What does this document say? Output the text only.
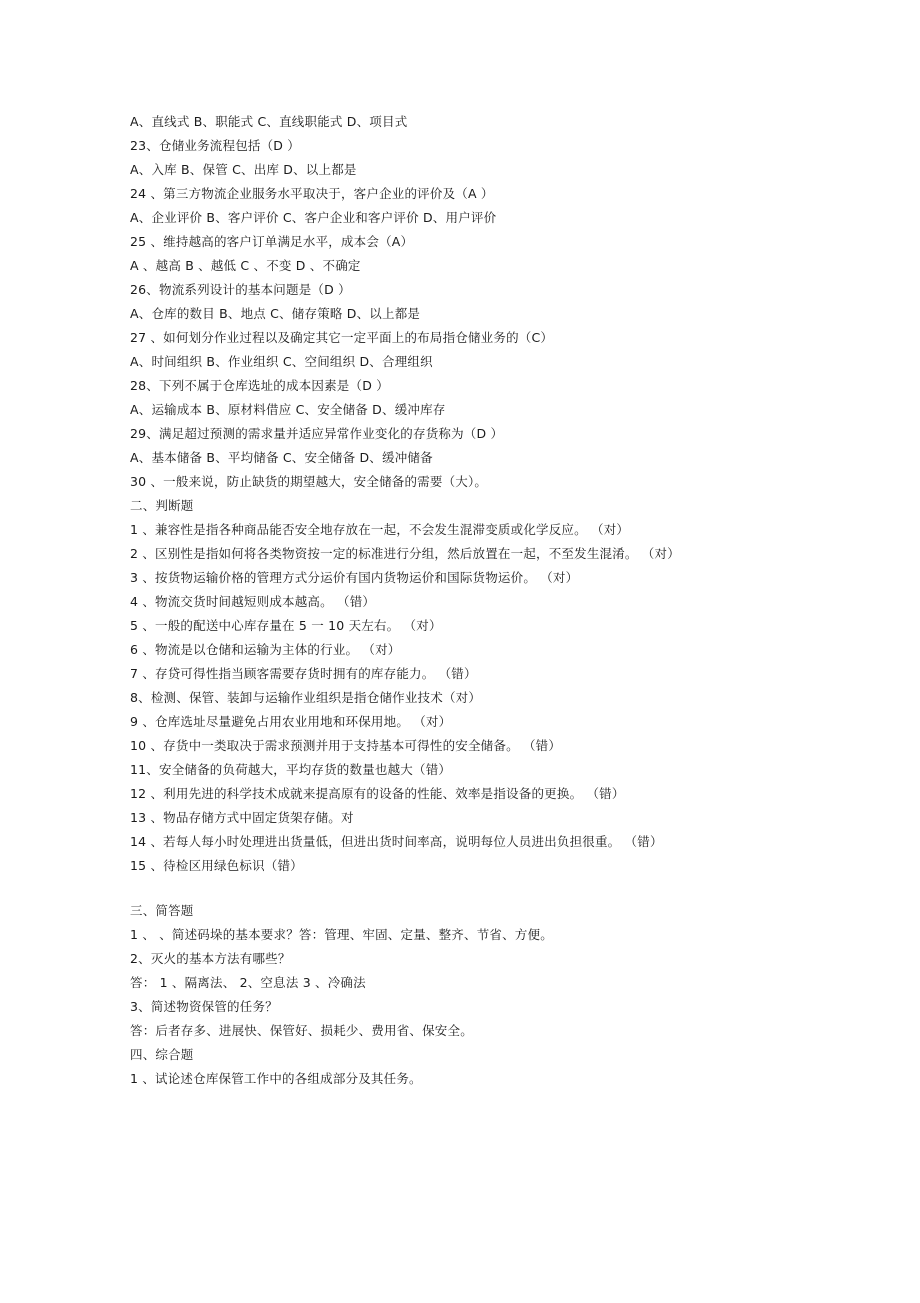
A、直线式 B、职能式 C、直线职能式 D、项目式
23、仓储业务流程包括（D ）
A、入库 B、保管 C、出库 D、以上都是
24 、第三方物流企业服务水平取决于，客户企业的评价及（A ）
A、企业评价 B、客户评价 C、客户企业和客户评价 D、用户评价
25 、维持越高的客户订单满足水平，成本会（A）
A 、越高 B 、越低 C 、不变 D 、不确定
26、物流系列设计的基本问题是（D ）
A、仓库的数目 B、地点 C、储存策略 D、以上都是
27 、如何划分作业过程以及确定其它一定平面上的布局指仓储业务的（C）
A、时间组织 B、作业组织 C、空间组织 D、合理组织
28、下列不属于仓库选址的成本因素是（D ）
A、运输成本 B、原材料借应 C、安全储备 D、缓冲库存
29、满足超过预测的需求量并适应异常作业变化的存货称为（D ）
A、基本储备 B、平均储备 C、安全储备 D、缓冲储备
30 、一般来说，防止缺货的期望越大，安全储备的需要（大）。
二、判断题
1 、兼容性是指各种商品能否安全地存放在一起，不会发生混滞变质或化学反应。 （对）
2 、区别性是指如何将各类物资按一定的标准进行分组，然后放置在一起，不至发生混淆。 （对）
3 、按货物运输价格的管理方式分运价有国内货物运价和国际货物运价。 （对）
4 、物流交货时间越短则成本越高。 （错）
5 、一般的配送中心库存量在 5 一 10 天左右。 （对）
6 、物流是以仓储和运输为主体的行业。 （对）
7 、存贷可得性指当顾客需要存货时拥有的库存能力。 （错）
8、检测、保管、装卸与运输作业组织是指仓储作业技术（对）
9 、仓库选址尽量避免占用农业用地和环保用地。 （对）
10 、存货中一类取决于需求预测并用于支持基本可得性的安全储备。 （错）
11、安全储备的负荷越大，平均存货的数量也越大（错）
12 、利用先进的科学技术成就来提高原有的设备的性能、效率是指设备的更换。 （错）
13 、物品存储方式中固定货架存储。对
14 、若每人每小时处理进出货量低，但进出货时间率高，说明每位人员进出负担很重。 （错）
15 、待检区用绿色标识（错）
三、简答题
1 、 、简述码垛的基本要求？答：管理、牢固、定量、整齐、节省、方便。
2、灭火的基本方法有哪些？
答： 1 、隔离法、 2、空息法 3 、冷确法
3、简述物资保管的任务？
答：后者存多、进展快、保管好、损耗少、费用省、保安全。
四、综合题
1 、试论述仓库保管工作中的各组成部分及其任务。
